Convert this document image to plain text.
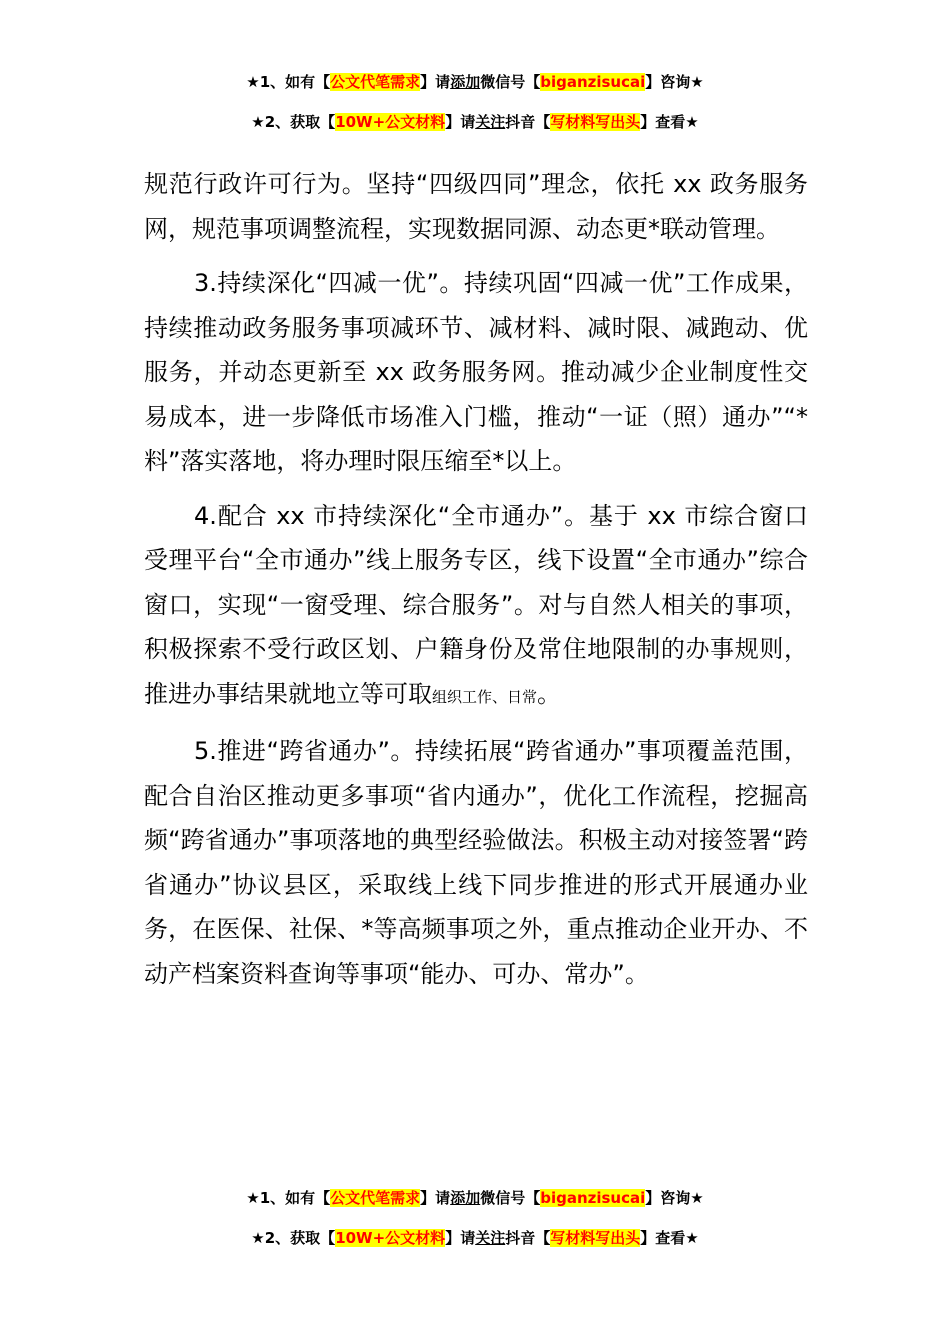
★1、如有【公文代笔需求】请添加微信号【biganzisucai】咨询★
★2、获取【10W+公文材料】请关注抖音【写材料写出头】查看★

规范行政许可行为。坚持“四级四同”理念，依托 xx 政务服务网，规范事项调整流程，实现数据同源、动态更*联动管理。

3.持续深化“四减一优”。持续巩固“四减一优”工作成果，持续推动政务服务事项减环节、减材料、减时限、减跑动、优服务，并动态更新至 xx 政务服务网。推动减少企业制度性交易成本，进一步降低市场准入门槛，推动“一证（照）通办”“*料”落实落地，将办理时限压缩至*以上。

4.配合 xx 市持续深化“全市通办”。基于 xx 市综合窗口受理平台“全市通办”线上服务专区，线下设置“全市通办”综合窗口，实现“一窗受理、综合服务”。对与自然人相关的事项，积极探索不受行政区划、户籍身份及常住地限制的办事规则，推进办事结果就地立等可取组织工作、日常。

5.推进“跨省通办”。持续拓展“跨省通办”事项覆盖范围，配合自治区推动更多事项“省内通办”，优化工作流程，挖掘高频“跨省通办”事项落地的典型经验做法。积极主动对接签署“跨省通办”协议县区，采取线上线下同步推进的形式开展通办业务，在医保、社保、*等高频事项之外，重点推动企业开办、不动产档案资料查询等事项“能办、可办、常办”。

★1、如有【公文代笔需求】请添加微信号【biganzisucai】咨询★
★2、获取【10W+公文材料】请关注抖音【写材料写出头】查看★
